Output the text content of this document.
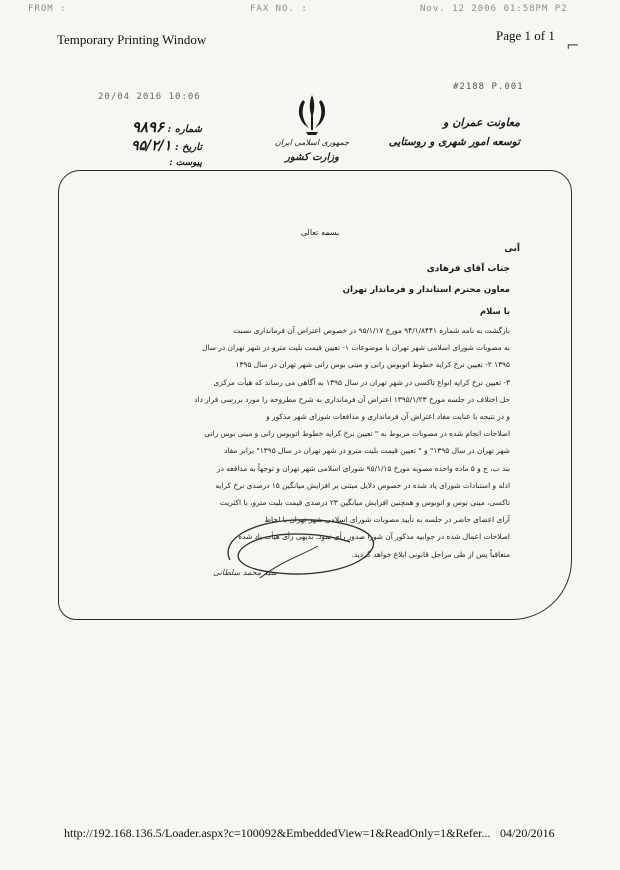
FROM :	FAX NO. :	Nov. 12 2006 01:58PM P2
Temporary Printing Window	Page 1 of 1
⌐
#2188 P.001
20/04 2016 10:06
جمهوری اسلامی ایران
وزارت کشور
معاونت عمران و
توسعه امور شهری و روستایی
شماره : ۹۸۹۶
تاریخ : ۹۵/۲/۱
پیوست :
بسمه تعالی
آنی
جناب آقای فرهادی
معاون محترم استاندار و فرماندار تهران
با سلام

بازگشت به نامه شماره ۹۴/۱/۸۴۴۱ مورخ ۹۵/۱/۱۷ در خصوص اعتراض آن فرمانداری نسبت

به مصوبات شورای اسلامی شهر تهران با موضوعات ۱- تعیین قیمت بلیت مترو در شهر تهران در سال

۱۳۹۵ ۲- تعیین نرخ کرایه خطوط اتوبوس رانی و مینی بوس رانی شهر تهران در سال ۱۳۹۵

۳- تعیین نرخ کرایه انواع تاکسی در شهر تهران در سال ۱۳۹۵ به آگاهی می رساند که هیأت مرکزی

حل اختلاف در جلسه مورخ ۱۳۹۵/۱/۲۳ اعتراض آن فرمانداری به شرح مطروحه را مورد بررسی قرار داد

و در نتیجه با عنایت مفاد اعتراض آن فرمانداری و مدافعات شورای شهر مذکور و

اصلاحات انجام شده در مصوبات مربوط به " تعیین نرخ کرایه خطوط اتوبوس رانی و مینی بوس رانی

شهر تهران در سال ۱۳۹۵" و " تعیین قیمت بلیت مترو در شهر تهران در سال ۱۳۹۵" برابر مفاد

بند ب، ج و ۵ ماده واحده مصوبه مورخ ۹۵/۱/۱۵ شورای اسلامی شهر تهران و توجهاً به مدافعه در

ادله و استنادات شورای یاد شده در خصوص دلایل مبتنی بر افزایش میانگین ۱۵ درصدی نرخ کرایه

تاکسی، مینی بوس و اتوبوس و همچنین افزایش میانگین ۲۳ درصدی قیمت بلیت مترو، با اکثریت

آرای اعضای حاضر در جلسه به تأیید مصوبات شورای اسلامی شهر تهران با لحاظ

اصلاحات اعمال شده در جوابیه مذکور آن شورا صدور رأی نمود. بدیهی رأی هیأت یاد شده

متعاقباً پس از طی مراحل قانونی ابلاغ خواهد گردید.

سید محمد سلطانی
http://192.168.136.5/Loader.aspx?c=100092&EmbeddedView=1&ReadOnly=1&Refer... 04/20/2016
